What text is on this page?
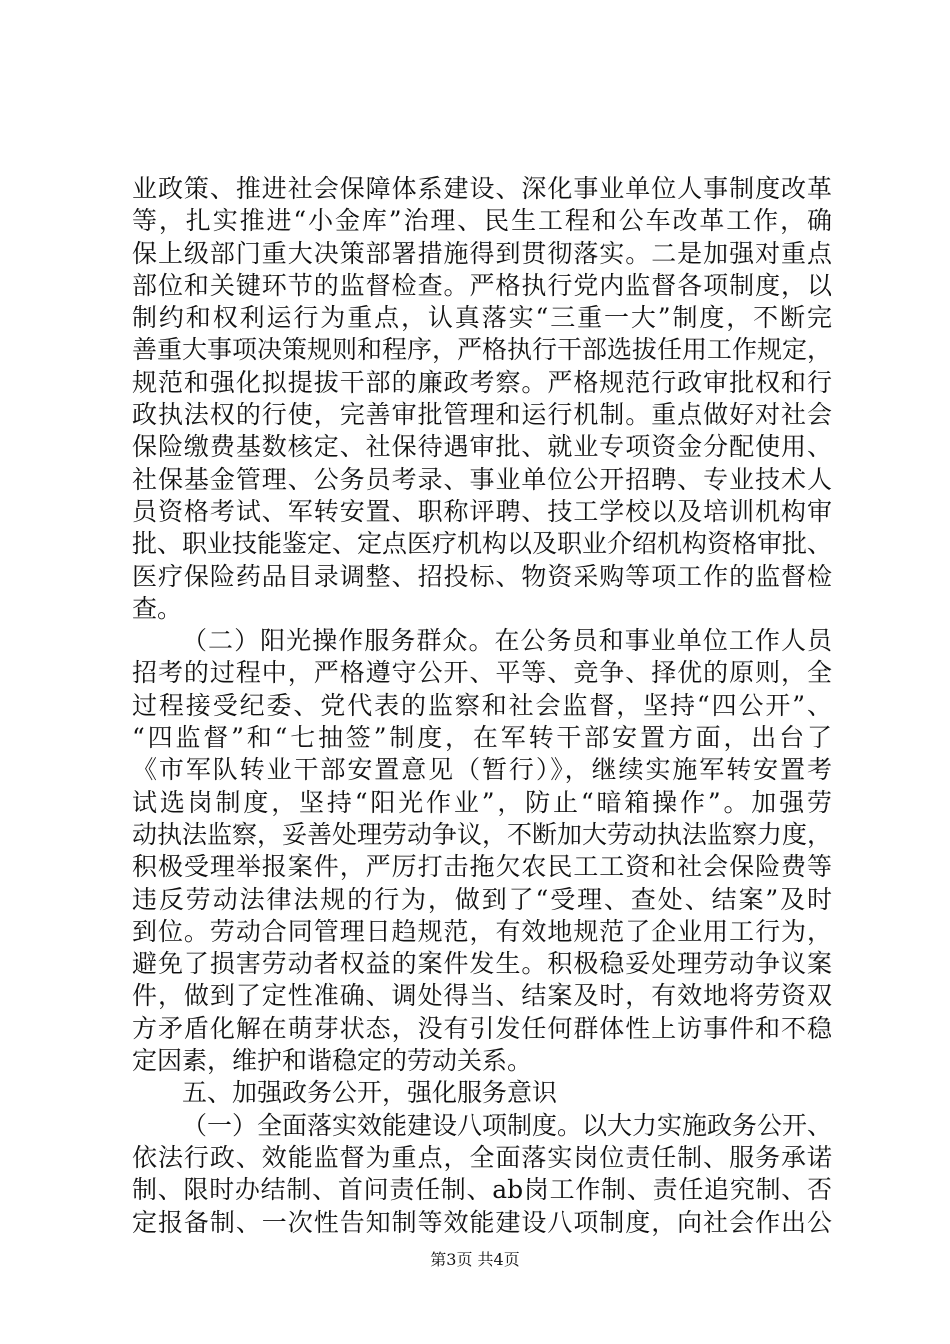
业政策、推进社会保障体系建设、深化事业单位人事制度改革
等，扎实推进“小金库”治理、民生工程和公车改革工作，确
保上级部门重大决策部署措施得到贯彻落实。二是加强对重点
部位和关键环节的监督检查。严格执行党内监督各项制度，以
制约和权利运行为重点，认真落实“三重一大”制度，不断完
善重大事项决策规则和程序，严格执行干部选拔任用工作规定，
规范和强化拟提拔干部的廉政考察。严格规范行政审批权和行
政执法权的行使，完善审批管理和运行机制。重点做好对社会
保险缴费基数核定、社保待遇审批、就业专项资金分配使用、
社保基金管理、公务员考录、事业单位公开招聘、专业技术人
员资格考试、军转安置、职称评聘、技工学校以及培训机构审
批、职业技能鉴定、定点医疗机构以及职业介绍机构资格审批、
医疗保险药品目录调整、招投标、物资采购等项工作的监督检
查。
（二）阳光操作服务群众。在公务员和事业单位工作人员
招考的过程中，严格遵守公开、平等、竞争、择优的原则，全
过程接受纪委、党代表的监察和社会监督，坚持“四公开”、
“四监督”和“七抽签”制度，在军转干部安置方面，出台了
《市军队转业干部安置意见（暂行）》，继续实施军转安置考
试选岗制度，坚持“阳光作业”，防止“暗箱操作”。加强劳
动执法监察，妥善处理劳动争议，不断加大劳动执法监察力度，
积极受理举报案件，严厉打击拖欠农民工工资和社会保险费等
违反劳动法律法规的行为，做到了“受理、查处、结案”及时
到位。劳动合同管理日趋规范，有效地规范了企业用工行为，
避免了损害劳动者权益的案件发生。积极稳妥处理劳动争议案
件，做到了定性准确、调处得当、结案及时，有效地将劳资双
方矛盾化解在萌芽状态，没有引发任何群体性上访事件和不稳
定因素，维护和谐稳定的劳动关系。
五、加强政务公开，强化服务意识
（一）全面落实效能建设八项制度。以大力实施政务公开、
依法行政、效能监督为重点，全面落实岗位责任制、服务承诺
制、限时办结制、首问责任制、ab岗工作制、责任追究制、否
定报备制、一次性告知制等效能建设八项制度，向社会作出公
第3页 共4页
